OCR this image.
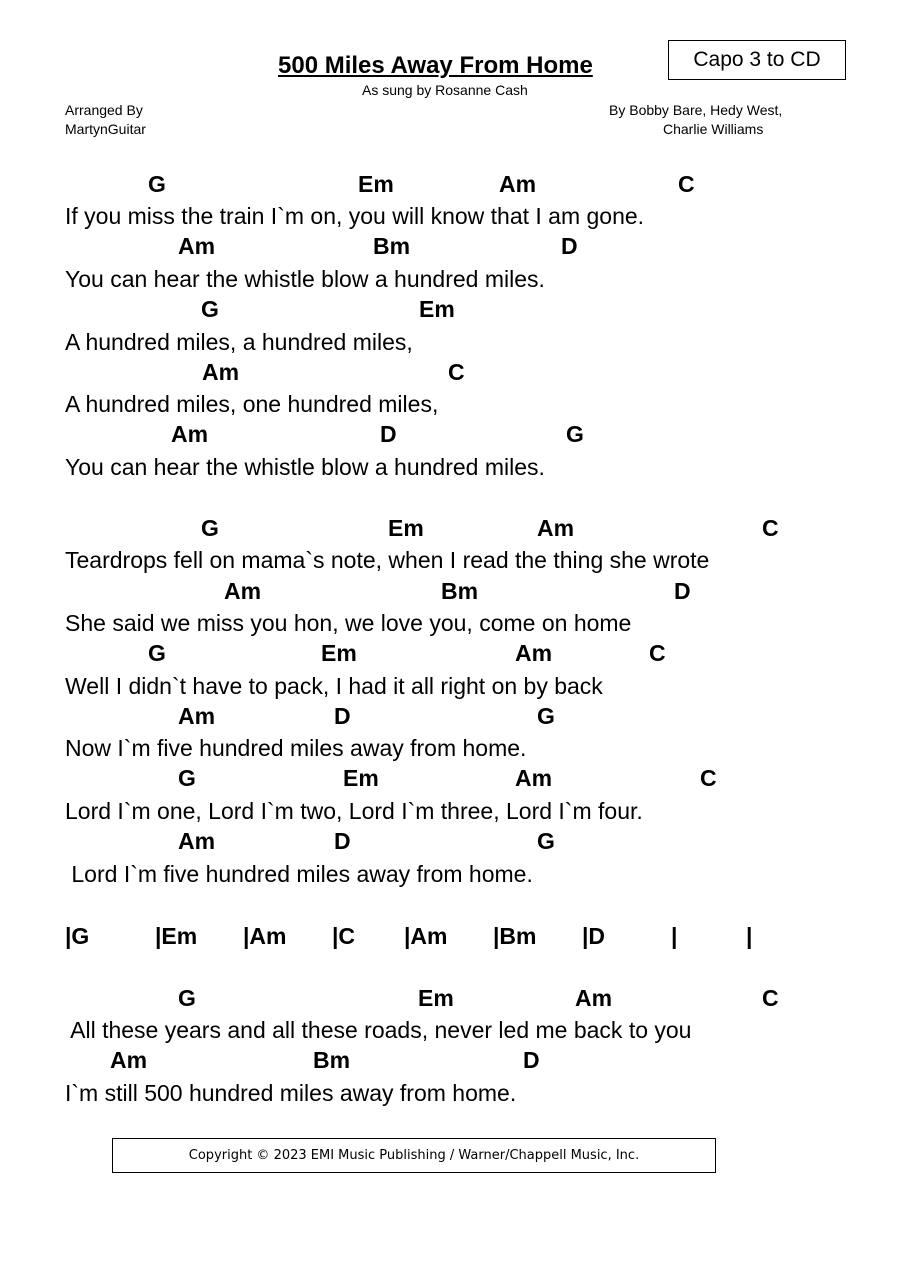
500 Miles Away From Home
As sung by Rosanne Cash
Capo 3 to CD
Arranged By
MartynGuitar
By Bobby Bare, Hedy West,
Charlie Williams
G	Em	Am	C
If you miss the train I`m on, you will know that I am gone.
Am	Bm	D
You can hear the whistle blow a hundred miles.
G	Em
A hundred miles, a hundred miles,
Am	C
A hundred miles, one hundred miles,
Am	D	G
You can hear the whistle blow a hundred miles.
G	Em	Am	C
Teardrops fell on mama`s note, when I read the thing she wrote
Am	Bm	D
She said we miss you hon, we love you, come on home
G	Em	Am	C
Well I didn`t have to pack, I had it all right on by back
Am	D	G
Now I`m five hundred miles away from home.
G	Em	Am	C
Lord I`m one, Lord I`m two, Lord I`m three, Lord I`m four.
Am	D	G
Lord I`m five hundred miles away from home.
|G	|Em |Am |C |Am |Bm |D	|	|
G	Em	Am	C
All these years and all these roads, never led me back to you
Am	Bm	D
I`m still 500 hundred miles away from home.
Copyright © 2023 EMI Music Publishing / Warner/Chappell Music, Inc.
